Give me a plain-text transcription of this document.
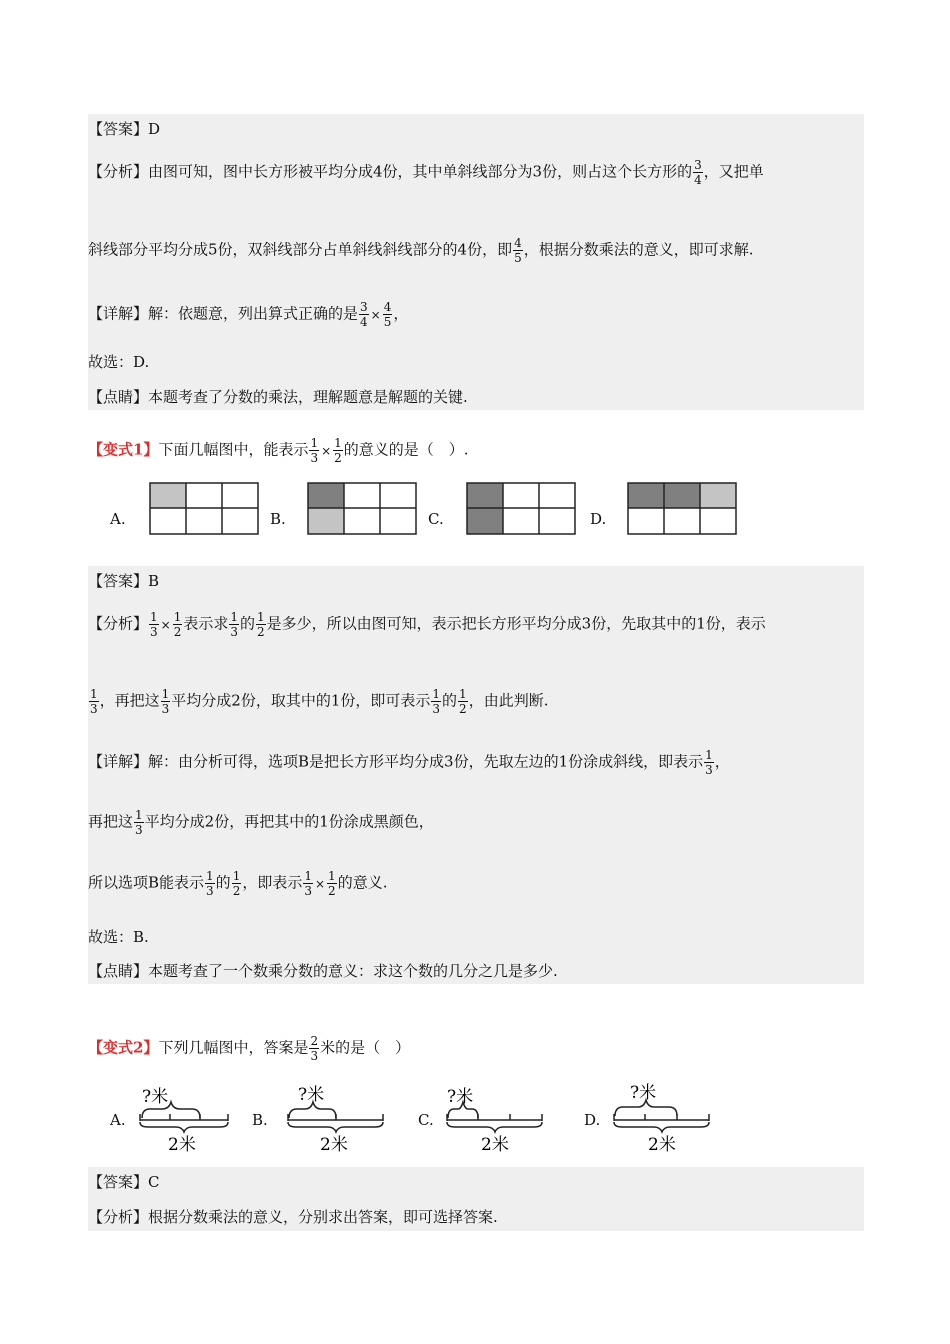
【答案】D
【分析】由图可知，图中长方形被平均分成4份，其中单斜线部分为3份，则占这个长方形的 $\frac{3}{4}$ ，又把单
斜线部分平均分成5份，双斜线部分占单斜线斜线部分的4份，即 $\frac{4}{5}$ ，根据分数乘法的意义，即可求解.
【详解】解：依题意，列出算式正确的是 $\frac{3}{4} \times \frac{4}{5}$ ，
故选：D.
【点睛】本题考查了分数的乘法，理解题意是解题的关键.
【变式1】下面几幅图中，能表示 $\frac{1}{3} \times \frac{1}{2}$ 的意义的是（　）.
A.	B.	C.	D.
【答案】B
【分析】 $\frac{1}{3} \times \frac{1}{2}$ 表示求 $\frac{1}{3}$ 的 $\frac{1}{2}$ 是多少，所以由图可知，表示把长方形平均分成3份，先取其中的1份，表示
$\frac{1}{3}$ ，再把这 $\frac{1}{3}$ 平均分成2份，取其中的1份，即可表示 $\frac{1}{3}$ 的 $\frac{1}{2}$ ，由此判断.
【详解】解：由分析可得，选项B是把长方形平均分成3份，先取左边的1份涂成斜线，即表示 $\frac{1}{3}$ ，
再把这 $\frac{1}{3}$ 平均分成2份，再把其中的1份涂成黑颜色，
所以选项B能表示 $\frac{1}{3}$ 的 $\frac{1}{2}$ ，即表示 $\frac{1}{3} \times \frac{1}{2}$ 的意义.
故选：B.
【点睛】本题考查了一个数乘分数的意义：求这个数的几分之几是多少.
【变式2】下列几幅图中，答案是 $\frac{2}{3}$ 米的是（　）
A.
?米
2米
B.
?米
2米
C.
?米
2米
D.
?米
2米
【答案】C
【分析】根据分数乘法的意义，分别求出答案，即可选择答案.
